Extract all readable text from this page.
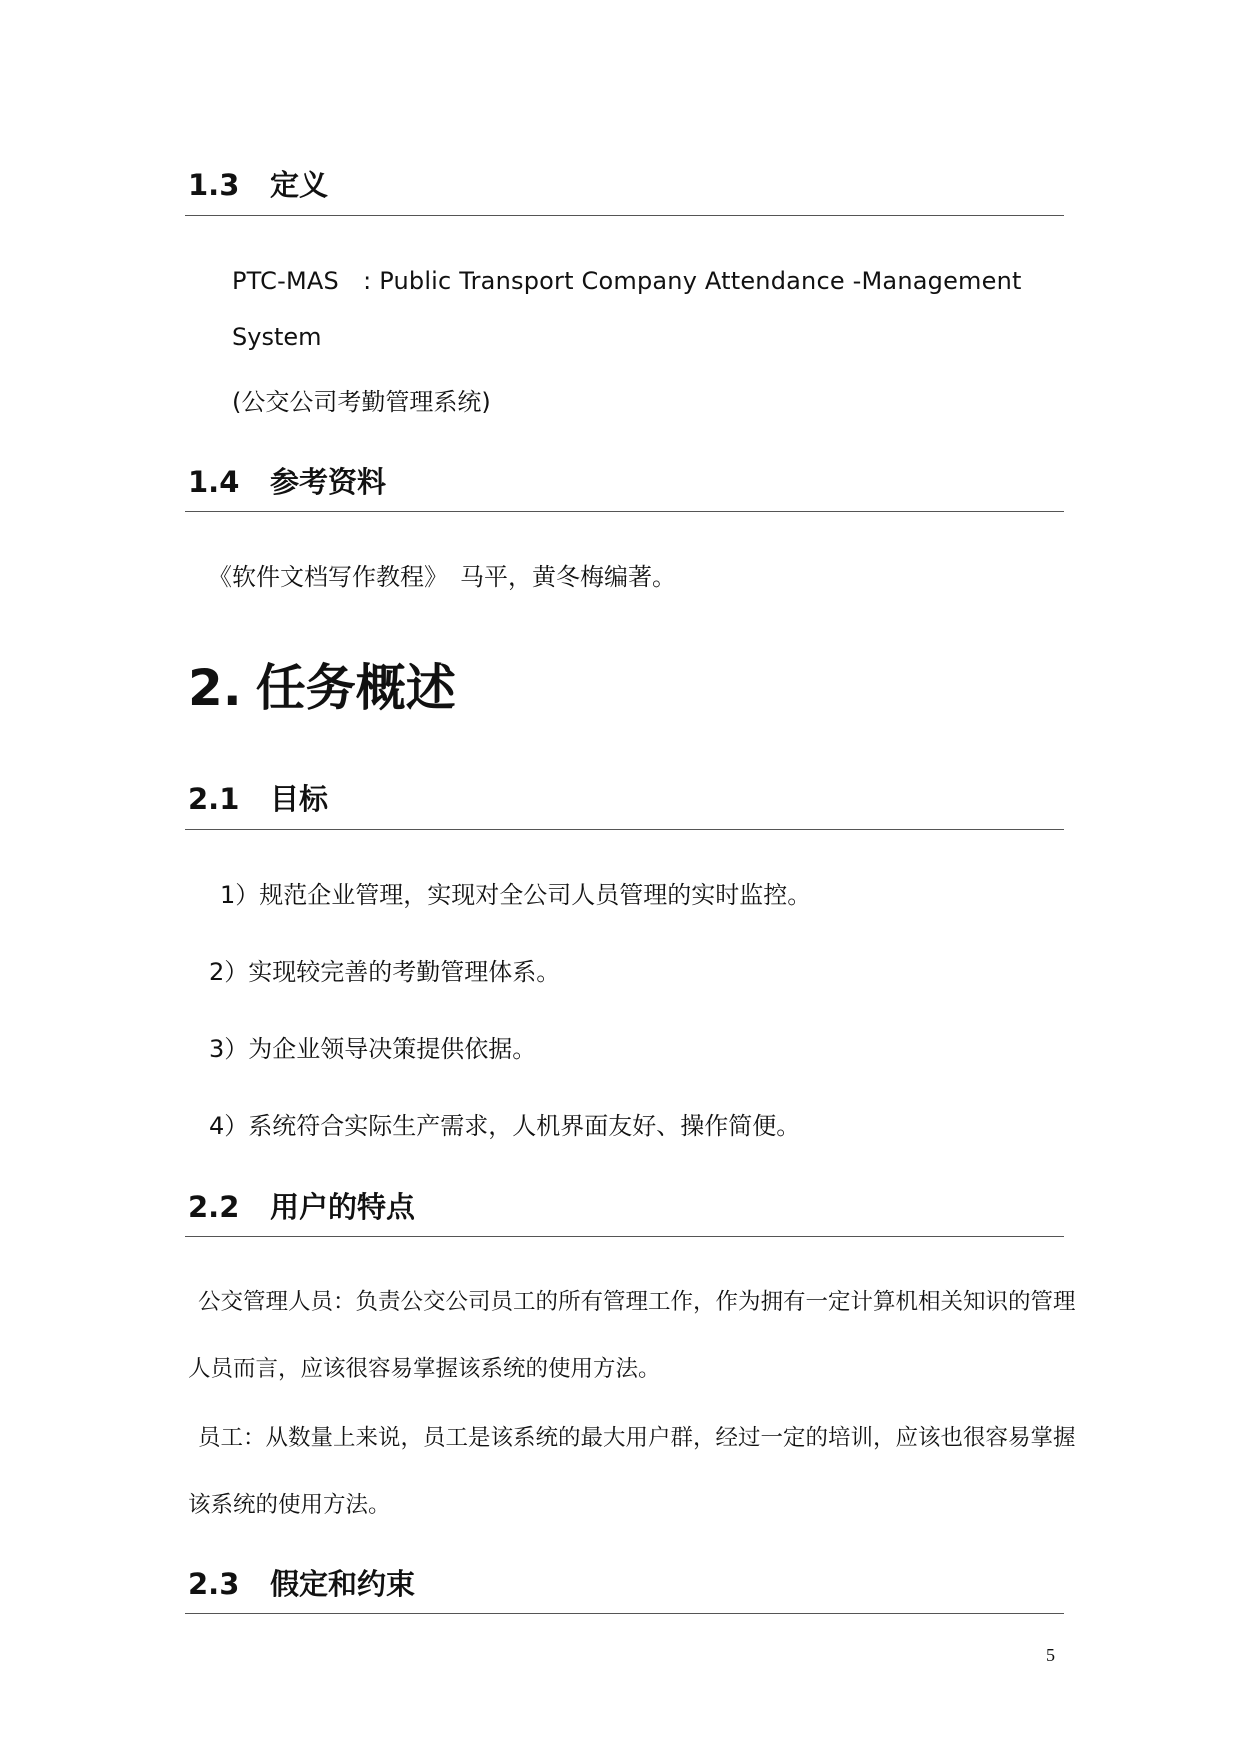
1.3 定义
PTC-MAS　: Public Transport Company Attendance -Management
System
(公交公司考勤管理系统)
1.4 参考资料
《软件文档写作教程》　马平，黄冬梅编著。
2. 任务概述
2.1 目标
1）规范企业管理，实现对全公司人员管理的实时监控。
2）实现较完善的考勤管理体系。
3）为企业领导决策提供依据。
4）系统符合实际生产需求，人机界面友好、操作简便。
2.2 用户的特点
公交管理人员：负责公交公司员工的所有管理工作，作为拥有一定计算机相关知识的管理
人员而言，应该很容易掌握该系统的使用方法。
员工：从数量上来说，员工是该系统的最大用户群，经过一定的培训，应该也很容易掌握
该系统的使用方法。
2.3 假定和约束
5
